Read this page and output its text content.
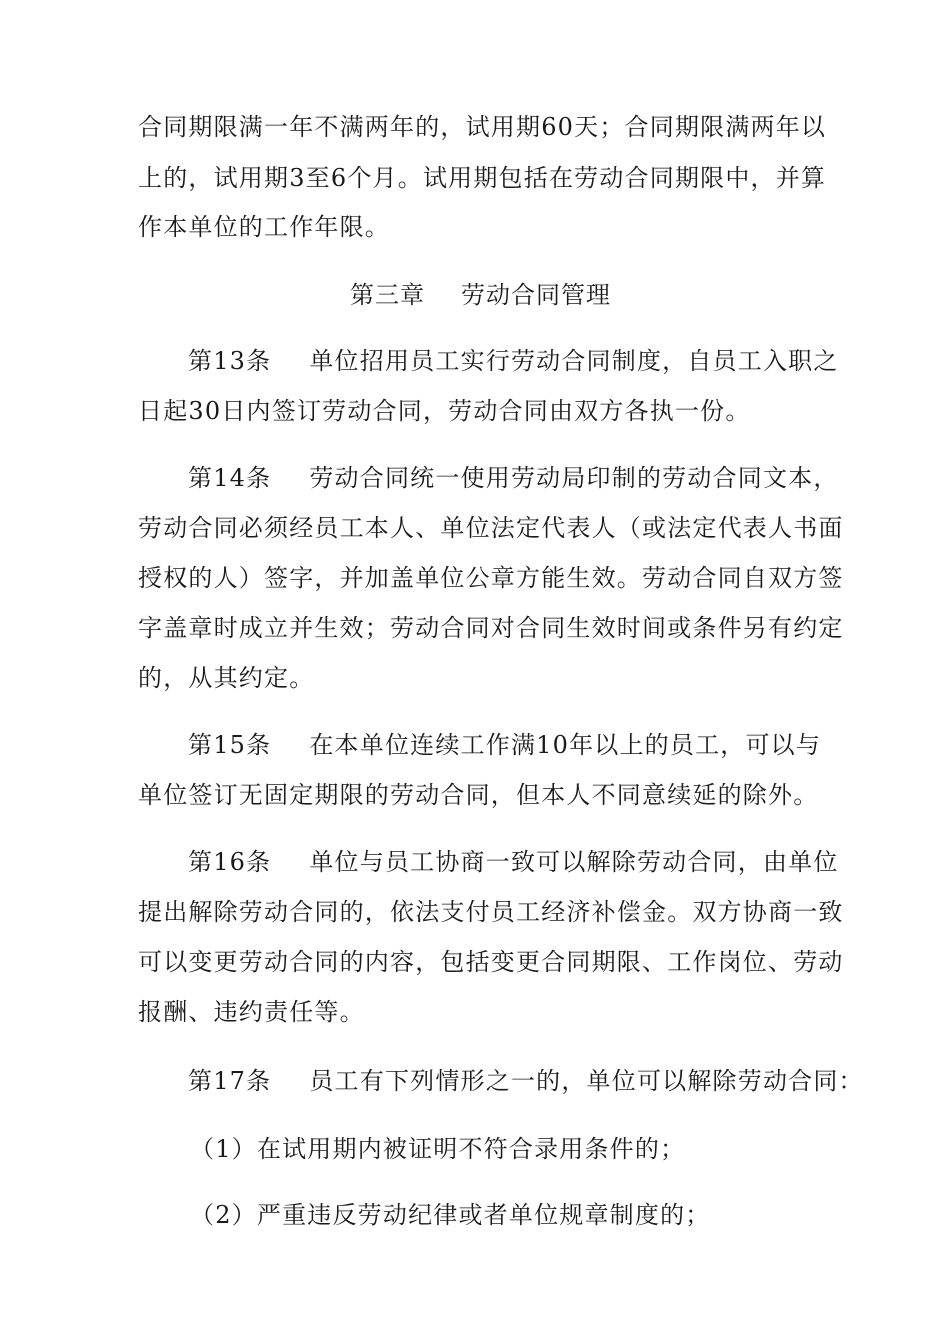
合同期限满一年不满两年的，试用期60天；合同期限满两年以
上的，试用期3至6个月。试用期包括在劳动合同期限中，并算
作本单位的工作年限。
第三章 劳动合同管理
第13条 单位招用员工实行劳动合同制度，自员工入职之
日起30日内签订劳动合同，劳动合同由双方各执一份。
第14条 劳动合同统一使用劳动局印制的劳动合同文本，
劳动合同必须经员工本人、单位法定代表人（或法定代表人书面
授权的人）签字，并加盖单位公章方能生效。劳动合同自双方签
字盖章时成立并生效；劳动合同对合同生效时间或条件另有约定
的，从其约定。
第15条 在本单位连续工作满10年以上的员工，可以与
单位签订无固定期限的劳动合同，但本人不同意续延的除外。
第16条 单位与员工协商一致可以解除劳动合同，由单位
提出解除劳动合同的，依法支付员工经济补偿金。双方协商一致
可以变更劳动合同的内容，包括变更合同期限、工作岗位、劳动
报酬、违约责任等。
第17条 员工有下列情形之一的，单位可以解除劳动合同：
（1）在试用期内被证明不符合录用条件的；
（2）严重违反劳动纪律或者单位规章制度的；
